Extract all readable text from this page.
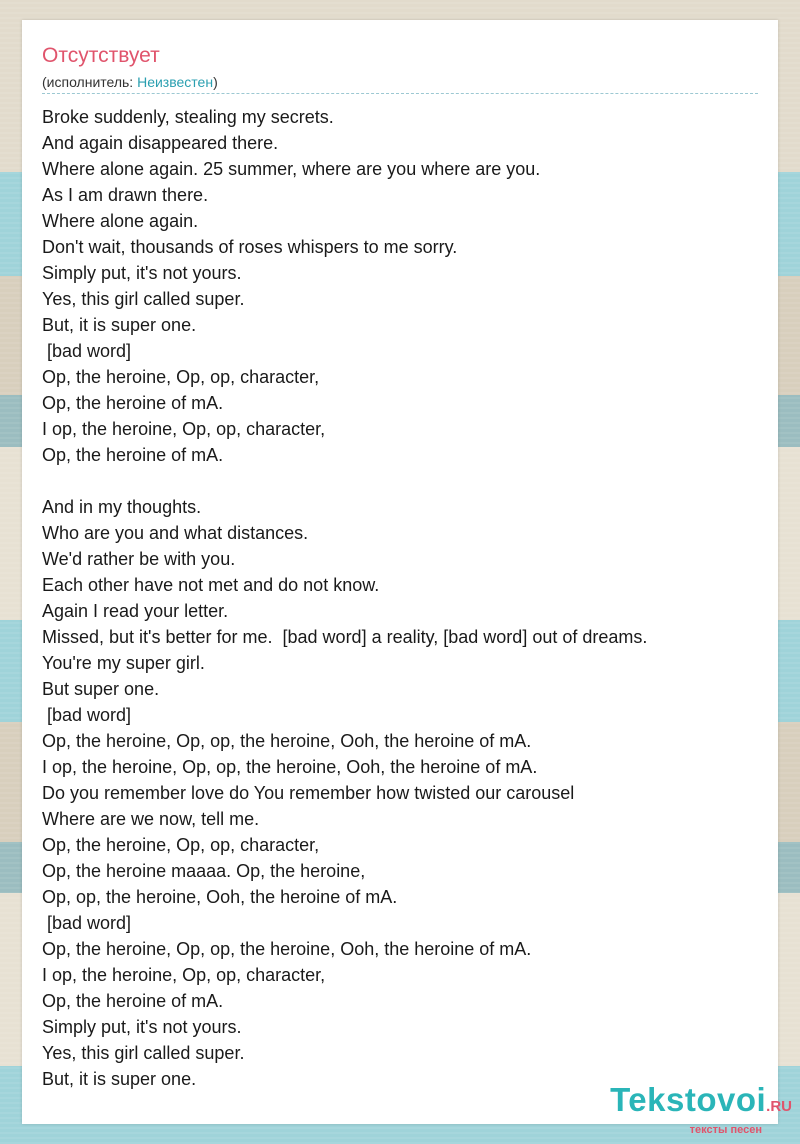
Отсутствует
(исполнитель: Неизвестен)
Broke suddenly, stealing my secrets.
And again disappeared there.
Where alone again. 25 summer, where are you where are you.
As I am drawn there.
Where alone again.
Don't wait, thousands of roses whispers to me sorry.
Simply put, it's not yours.
Yes, this girl called super.
But, it is super one.
[bad word]
Op, the heroine, Op, op, character,
Op, the heroine of mA.
I op, the heroine, Op, op, character,
Op, the heroine of mA.
And in my thoughts.
Who are you and what distances.
We'd rather be with you.
Each other have not met and do not know.
Again I read your letter.
Missed, but it's better for me.  [bad word] a reality, [bad word] out of dreams.
You're my super girl.
But super one.
[bad word]
Op, the heroine, Op, op, the heroine, Ooh, the heroine of mA.
I op, the heroine, Op, op, the heroine, Ooh, the heroine of mA.
Do you remember love do You remember how twisted our carousel
Where are we now, tell me.
Op, the heroine, Op, op, character,
Op, the heroine maaaa. Op, the heroine,
Op, op, the heroine, Ooh, the heroine of mA.
[bad word]
Op, the heroine, Op, op, the heroine, Ooh, the heroine of mA.
I op, the heroine, Op, op, character,
Op, the heroine of mA.
Simply put, it's not yours.
Yes, this girl called super.
But, it is super one.
Tekstovoi.RU
тексты песен
